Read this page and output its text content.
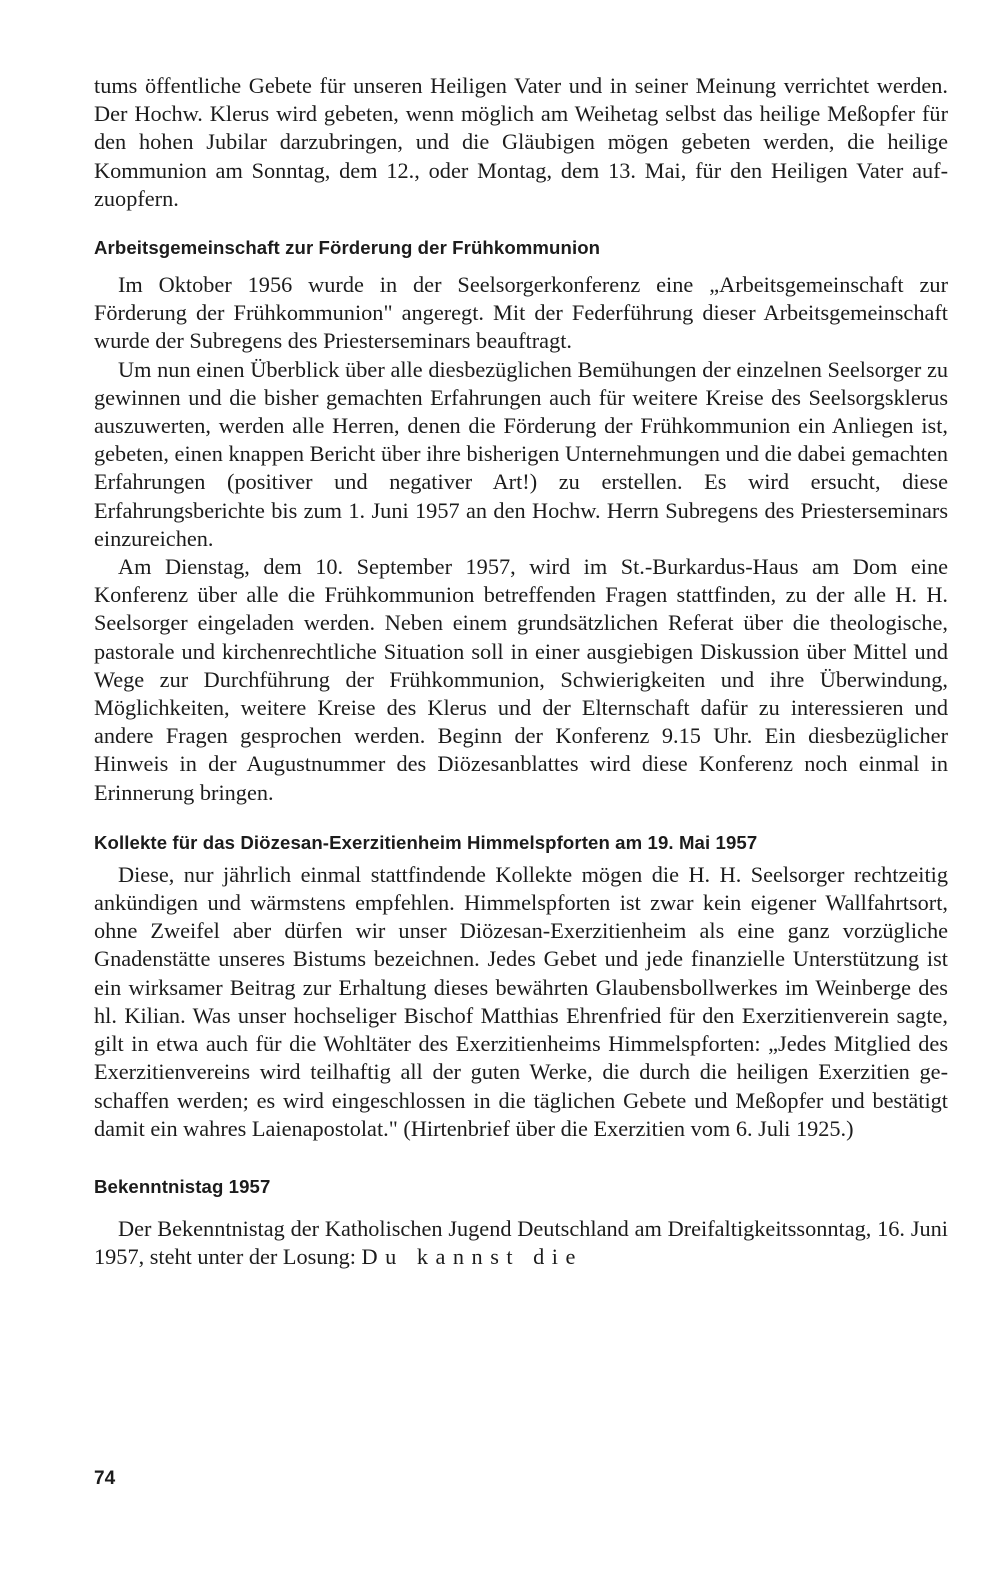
tums öffentliche Gebete für unseren Heiligen Vater und in seiner Meinung verrichtet werden. Der Hochw. Klerus wird gebeten, wenn möglich am Weihetag selbst das heilige Meßopfer für den hohen Jubilar darzubringen, und die Gläubigen mögen gebeten werden, die heilige Kommunion am Sonntag, dem 12., oder Montag, dem 13. Mai, für den Heiligen Vater aufzuopfern.

Arbeitsgemeinschaft zur Förderung der Frühkommunion

Im Oktober 1956 wurde in der Seelsorgerkonferenz eine „Arbeitsgemeinschaft zur Förderung der Frühkommunion" angeregt. Mit der Federführung dieser Arbeitsgemeinschaft wurde der Subregens des Priesterseminars beauftragt.

Um nun einen Überblick über alle diesbezüglichen Bemühungen der einzelnen Seelsorger zu gewinnen und die bisher gemachten Erfahrungen auch für weitere Kreise des Seelsorgsklerus auszuwerten, werden alle Herren, denen die Förderung der Frühkommunion ein Anliegen ist, gebeten, einen knappen Bericht über ihre bisherigen Unternehmungen und die dabei gemachten Erfahrungen (positiver und negativer Art!) zu erstellen. Es wird ersucht, diese Erfahrungsberichte bis zum 1. Juni 1957 an den Hochw. Herrn Subregens des Priesterseminars einzureichen.

Am Dienstag, dem 10. September 1957, wird im St.-Burkardus-Haus am Dom eine Konferenz über alle die Frühkommunion betreffenden Fragen stattfinden, zu der alle H. H. Seelsorger eingeladen werden. Neben einem grundsätzlichen Referat über die theologische, pastorale und kirchenrechtliche Situation soll in einer ausgiebigen Diskussion über Mittel und Wege zur Durchführung der Frühkommunion, Schwierigkeiten und ihre Überwindung, Möglichkeiten, weitere Kreise des Klerus und der Elternschaft dafür zu interessieren und andere Fragen gesprochen werden. Beginn der Konferenz 9.15 Uhr. Ein diesbezüglicher Hinweis in der Augustnummer des Diözesanblattes wird diese Konferenz noch einmal in Erinnerung bringen.

Kollekte für das Diözesan-Exerzitienheim Himmelspforten am 19. Mai 1957

Diese, nur jährlich einmal stattfindende Kollekte mögen die H. H. Seelsorger rechtzeitig ankündigen und wärmstens empfehlen. Himmelspforten ist zwar kein eigener Wallfahrtsort, ohne Zweifel aber dürfen wir unser Diözesan-Exerzitienheim als eine ganz vorzügliche Gnadenstätte unseres Bistums bezeichnen. Jedes Gebet und jede finanzielle Unterstützung ist ein wirksamer Beitrag zur Erhaltung dieses bewährten Glaubensbollwerkes im Weinberge des hl. Kilian. Was unser hochseliger Bischof Matthias Ehrenfried für den Exerzitienverein sagte, gilt in etwa auch für die Wohltäter des Exerzitienheims Himmelspforten: „Jedes Mitglied des Exerzitienvereins wird teilhaftig all der guten Werke, die durch die heiligen Exerzitien geschaffen werden; es wird eingeschlossen in die täglichen Gebete und Meßopfer und bestätigt damit ein wahres Laienapostolat." (Hirtenbrief über die Exerzitien vom 6. Juli 1925.)

Bekenntnistag 1957

Der Bekenntnistag der Katholischen Jugend Deutschland am Dreifaltigkeitssonntag, 16. Juni 1957, steht unter der Losung: Du kannst die

74
